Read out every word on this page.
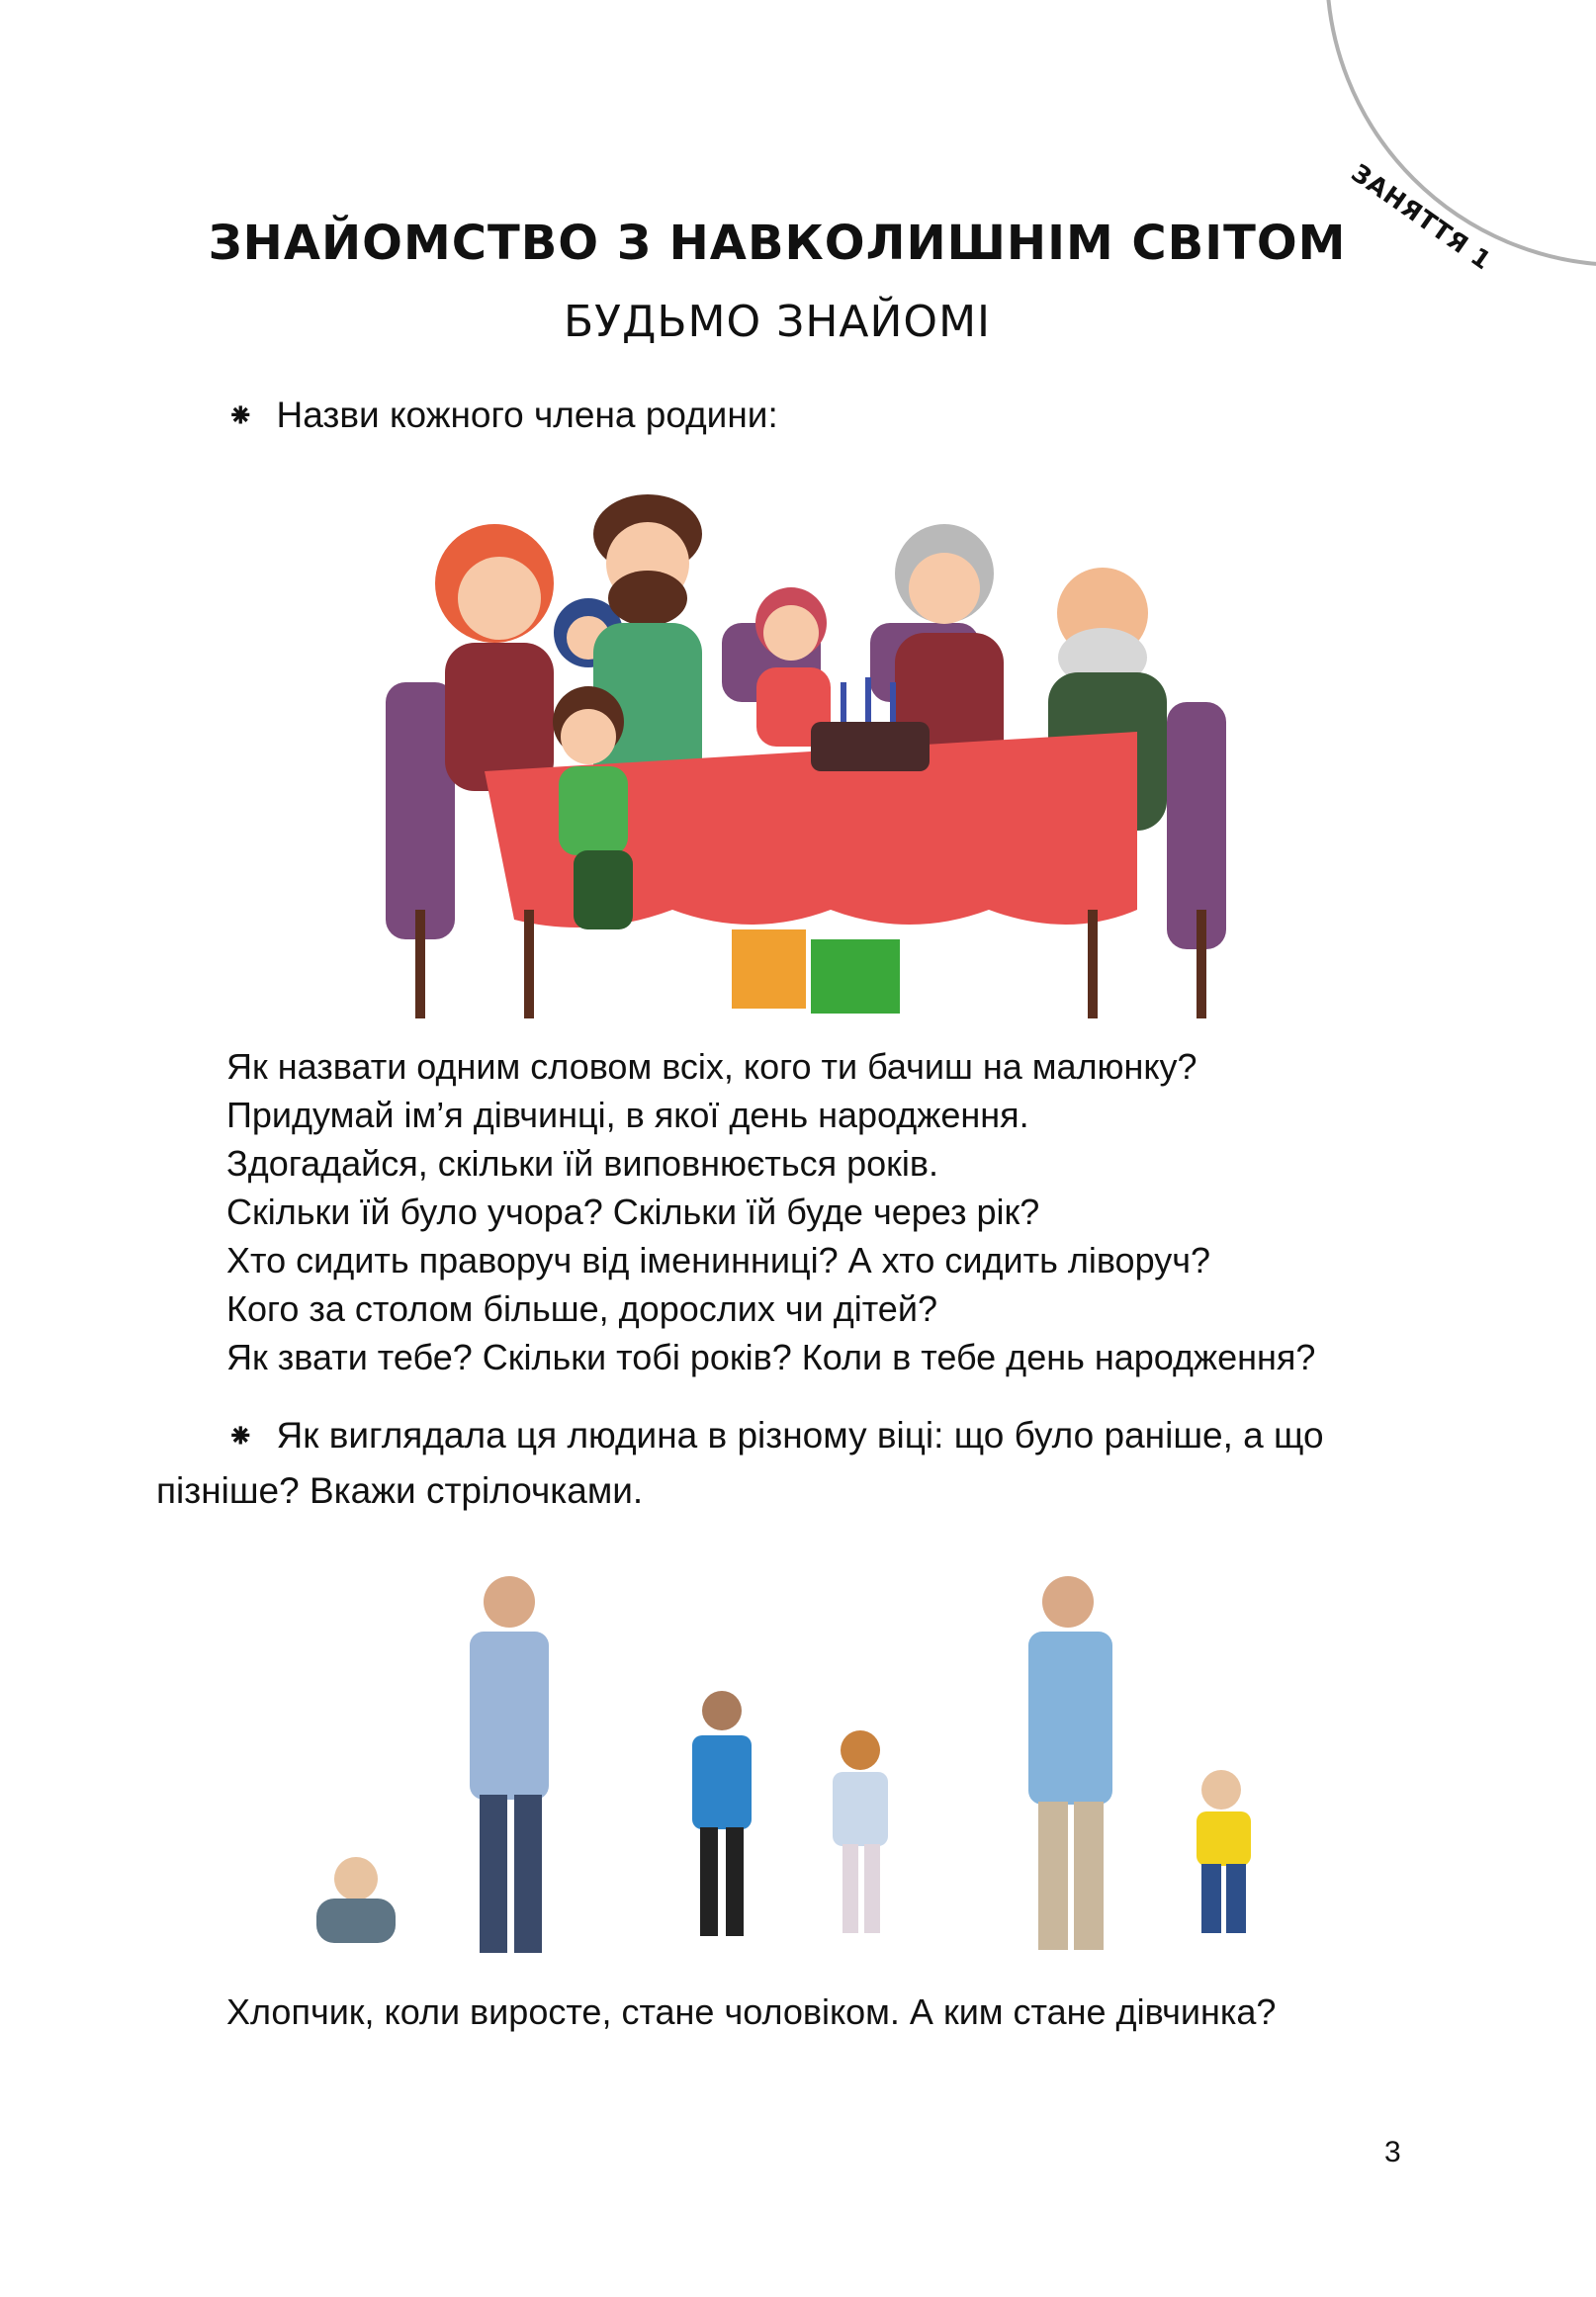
ЗАНЯТТЯ 1
ЗНАЙОМСТВО З НАВКОЛИШНІМ СВІТОМ
БУДЬМО ЗНАЙОМІ
⁕ Назви кожного члена родини:
Як назвати одним словом всіх, кого ти бачиш на малюнку?
Придумай ім’я дівчинці, в якої день народження.
Здогадайся, скільки їй виповнюється років.
Скільки їй було учора? Скільки їй буде через рік?
Хто сидить праворуч від іменинниці? А хто сидить ліворуч?
Кого за столом більше, дорослих чи дітей?
Як звати тебе? Скільки тобі років? Коли в тебе день народження?
⁕ Як виглядала ця людина в різному віці: що було раніше, а що
пізніше? Вкажи стрілочками.
Хлопчик, коли виросте, стане чоловіком. А ким стане дівчинка?
3
